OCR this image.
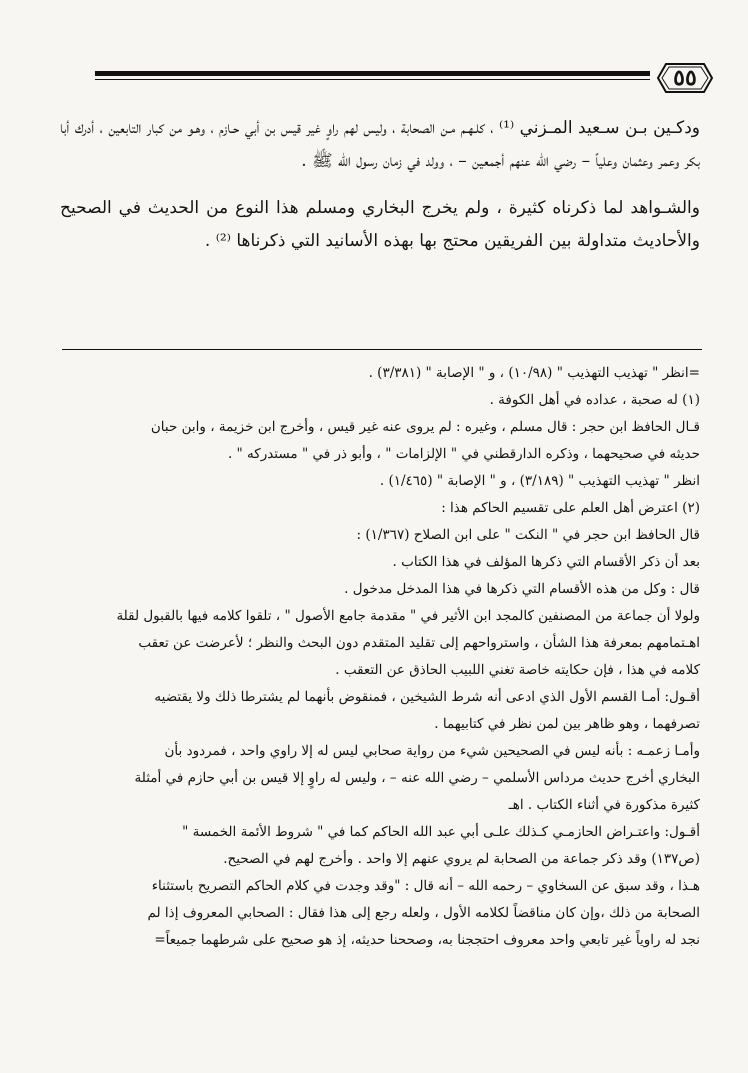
٥٥

ودكـين بـن سـعيد المـزني ⁽¹⁾ ، كلـهـم مـن الصحابة ، وليس لهم راوٍ غير قيس بن أبي حـازم ، وهـو من كبار التابعين ، أدرك أبا بكر وعمر وعثمان وعلياً – رضي الله عنهم أجمعين – ، وولد في زمان رسول الله ﷺ .

والشـواهد لما ذكرناه كثيرة ، ولم يخرج البخاري ومسلم هذا النوع من الحديث في الصحيح والأحاديث متداولة بين الفريقين محتج بها بهذه الأسانيد التي ذكرناها ⁽²⁾ .

=انظر " تهذيب التهذيب " (١٠/٩٨) ، و " الإصابة " (٣/٣٨١) .

(١) له صحبة ، عداده في أهل الكوفة .

قـال الحافظ ابن حجر : قال مسلم ، وغيره : لم يروى عنه غير قيس ، وأخرج ابن خزيمة ، وابن حبان

حديثه في صحيحهما ، وذكره الدارقطني في " الإلزامات " ، وأبو ذر في " مستدركه " .

انظر " تهذيب التهذيب " (٣/١٨٩) ، و " الإصابة " (١/٤٦٥) .

(٢) اعترض أهل العلم على تقسيم الحاكم هذا :

قال الحافظ ابن حجر في " النكت " على ابن الصلاح (١/٣٦٧) :

بعد أن ذكر الأقسام التي ذكرها المؤلف في هذا الكتاب .

قال : وكل من هذه الأقسام التي ذكرها في هذا المدخل مدخول .

ولولا أن جماعة من المصنفين كالمجد ابن الأثير في " مقدمة جامع الأصول " ، تلقوا كلامه فيها بالقبول لقلة

اهـتمامهم بمعرفة هذا الشأن ، واسترواحهم إلى تقليد المتقدم دون البحث والنظر ؛ لأعرضت عن تعقب

كلامه في هذا ، فإن حكايته خاصة تغني اللبيب الحاذق عن التعقب .

أقـول: أمـا القسم الأول الذي ادعى أنه شرط الشيخين ، فمنقوض بأنهما لم يشترطا ذلك ولا يقتضيه

تصرفهما ، وهو ظاهر بين لمن نظر في كتابيهما .

وأمـا زعمـه : بأنه ليس في الصحيحين شيء من رواية صحابي ليس له إلا راوي واحد ، فمردود بأن

البخاري أخرج حديث مرداس الأسلمي – رضي الله عنه – ، وليس له راوٍ إلا قيس بن أبي حازم في أمثلة

كثيرة مذكورة في أثناء الكتاب . اهـ

أقـول: واعتـراض الحازمـي كـذلك علـى أبي عبد الله الحاكم كما في " شروط الأئمة الخمسة "

(ص١٣٧) وقد ذكر جماعة من الصحابة لم يروي عنهم إلا واحد . وأخرج لهم في الصحيح.

هـذا ، وقد سبق عن السخاوي – رحمه الله – أنه قال : "وقد وجدت في كلام الحاكم التصريح باستثناء

الصحابة من ذلك ،وإن كان مناقضاً لكلامه الأول ، ولعله رجع إلى هذا فقال : الصحابي المعروف إذا لم

نجد له راوياً غير تابعي واحد معروف احتججنا به، وصححنا حديثه، إذ هو صحيح على شرطهما جميعاً=
